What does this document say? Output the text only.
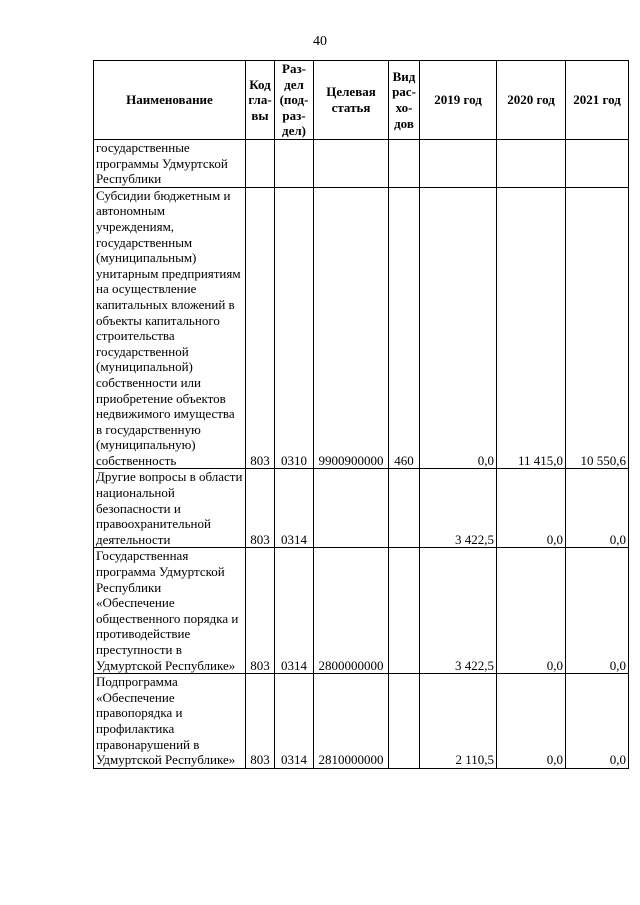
40
Наименование	Код гла-вы	Раз-дел (под-раз-дел)	Целевая статья	Вид рас-хо-дов	2019 год	2020 год	2021 год
государственные программы Удмуртской Республики							
Субсидии бюджетным и автономным учреждениям, государственным (муниципальным) унитарным предприятиям на осуществление капитальных вложений в объекты капитального строительства государственной (муниципальной) собственности или приобретение объектов недвижимого имущества в государственную (муниципальную) собственность	803	0310	9900900000	460	0,0	11 415,0	10 550,6
Другие вопросы в области национальной безопасности и правоохранительной деятельности	803	0314			3 422,5	0,0	0,0
Государственная программа Удмуртской Республики «Обеспечение общественного порядка и противодействие преступности в Удмуртской Республике»	803	0314	2800000000		3 422,5	0,0	0,0
Подпрограмма «Обеспечение правопорядка и профилактика правонарушений в Удмуртской Республике»	803	0314	2810000000		2 110,5	0,0	0,0
